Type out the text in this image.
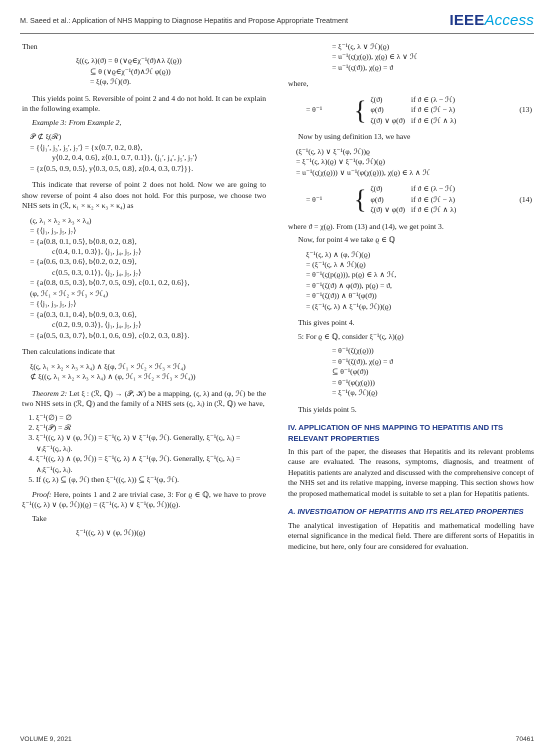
M. Saeed et al.: Application of NHS Mapping to Diagnose Hepatitis and Propose Appropriate Treatment	IEEEAccess

Then

ξ((ς, λ)(ϑ) = θ (∨ϱ∈χ⁻¹(ϑ)∧λ ζ(ϱ))
⊆ θ (∨ϱ∈χ⁻¹(ϑ)∧ℋ φ(ϱ))
= ξ(φ, ℋ)(ϑ).

This yields point 5. Reversible of point 2 and 4 do not hold. It can be explain in the following example.

Example 3: From Example 2,

𝒫 ⊄ ξ(ℛ)
= {⟨j₁′, j₃′, j₅′, j₇′⟩ = {x⟨0.7, 0.2, 0.8⟩,
y⟨0.2, 0.4, 0.6⟩, z⟨0.1, 0.7, 0.1⟩}, ⟨j₁′, j₄′, j₅′, j₇′⟩
= {z⟨0.5, 0.9, 0.5⟩, y⟨0.3, 0.5, 0.8⟩, z⟨0.4, 0.3, 0.7⟩}}.

This indicate that reverse of point 2 does not hold. Now we are going to show reverse of point 4 also does not hold. For this purpose, we choose two NHS sets in (ℛ, κ₁ × κ₂ × κ₃ × κ₄) as

(ς, λ₁ × λ₂ × λ₃ × λ₄)
= {⟨j₁, j₃, j₅, j₇⟩
= {a⟨0.8, 0.1, 0.5⟩, b⟨0.8, 0.2, 0.8⟩,
c⟨0.4, 0.1, 0.3⟩}, ⟨j₁, j₄, j₅, j₇⟩
= {a⟨0.6, 0.3, 0.6⟩, b⟨0.2, 0.2, 0.9⟩,
c⟨0.5, 0.3, 0.1⟩}, ⟨j₂, j₄, j₅, j₇⟩
= {a⟨0.8, 0.5, 0.3⟩, b⟨0.7, 0.5, 0.9⟩, c⟨0.1, 0.2, 0.6⟩},
(φ, ℋ₁ × ℋ₂ × ℋ₃ × ℋ₄)
= {⟨j₁, j₃, j₅, j₇⟩
= {a⟨0.3, 0.1, 0.4⟩, b⟨0.9, 0.3, 0.6⟩,
c⟨0.2, 0.9, 0.3⟩}, ⟨j₁, j₄, j₅, j₇⟩
= {a⟨0.5, 0.3, 0.7⟩, b⟨0.1, 0.6, 0.9⟩, c⟨0.2, 0.3, 0.8⟩}.

Then calculations indicate that

ξ(ς, λ₁ × λ₂ × λ₃ × λ₄) ∧ ξ(φ, ℋ₁ × ℋ₂ × ℋ₃ × ℋ₄)
⊄ ξ((ς, λ₁ × λ₂ × λ₃ × λ₄) ∧ (φ, ℋ₁ × ℋ₂ × ℋ₃ × ℋ₄))

Theorem 2: Let ξ : (ℛ, ℚ) → (𝒫, 𝒦) be a mapping, (ς, λ) and (φ, ℋ) be the two NHS sets in (ℛ, ℚ) and the family of a NHS sets (ςᵢ, λᵢ) in (ℛ, ℚ) we have,

1. ξ⁻¹(∅) = ∅
2. ξ⁻¹(𝒫) = ℛ
3. ξ⁻¹((ς, λ) ∨ (φ, ℋ)) = ξ⁻¹(ς, λ) ∨ ξ⁻¹(φ, ℋ). Generally, ξ⁻¹(ςᵢ, λᵢ) = ∨ᵢξ⁻¹(ςᵢ, λᵢ).
4. ξ⁻¹((ς, λ) ∧ (φ, ℋ)) = ξ⁻¹(ς, λ) ∧ ξ⁻¹(φ, ℋ). Generally, ξ⁻¹(ςᵢ, λᵢ) = ∧ᵢξ⁻¹(ςᵢ, λᵢ).
5. If (ς, λ) ⊆ (φ, ℋ) then ξ⁻¹((ς, λ)) ⊆ ξ⁻¹(φ, ℋ).

Proof: Here, points 1 and 2 are trivial case, 3: For ϱ ∈ ℚ, we have to prove ξ⁻¹((ς, λ) ∨ (φ, ℋ))(ϱ) = (ξ⁻¹(ς, λ) ∨ ξ⁻¹(φ, ℋ))(ϱ).

Take

ξ⁻¹((ς, λ) ∨ (φ, ℋ))(ϱ)
= ξ⁻¹(ς, λ ∨ ℋ)(ϱ)
= u⁻¹(ς(χ(ϱ)), χ(ϱ) ∈ λ ∨ ℋ
= u⁻¹(ς(ϑ)), χ(ϱ) = ϑ

where,

= θ⁻¹	{ ζ(ϑ)	if ϑ ∈ (λ − ℋ)
φ(ϑ)	if ϑ ∈ (ℋ − λ)
ζ(ϑ) ∨ φ(ϑ)	if ϑ ∈ (ℋ ∧ λ)
(13)

Now by using definition 13, we have

(ξ⁻¹(ς, λ) ∨ ξ⁻¹(φ, ℋ))ϱ
= ξ⁻¹(ς, λ)(ϱ) ∨ ξ⁻¹(φ, ℋ)(ϱ)
= u⁻¹(ς(χ(ϱ))) ∨ u⁻¹(φ(χ(ϱ))), χ(ϱ) ∈ λ ∧ ℋ
= θ⁻¹	{ ζ(ϑ)	if ϑ ∈ (λ − ℋ)
φ(ϑ)	if ϑ ∈ (ℋ − λ)
ζ(ϑ) ∨ φ(ϑ)	if ϑ ∈ (ℋ ∧ λ)
(14)

where ϑ = χ(ϱ). From (13) and (14), we get point 3.

Now, for point 4 we take ϱ ∈ ℚ

ξ⁻¹(ς, λ) ∧ (φ, ℋ)(ϱ)
= (ξ⁻¹(ς, λ ∧ ℋ)(ϱ)
= θ⁻¹(ς(p(ϱ))), p(ϱ) ∈ λ ∧ ℋ,
= θ⁻¹(ζ(ϑ) ∧ φ(ϑ)), p(ϱ) = ϑ,
= θ⁻¹(ζ(ϑ)) ∧ θ⁻¹(φ(ϑ))
= (ξ⁻¹(ς, λ) ∧ ξ⁻¹(φ, ℋ))(ϱ)

This gives point 4.

5: For ϱ ∈ ℚ, consider ξ⁻¹(ς, λ)(ϱ)

= θ⁻¹(ζ(χ(ϱ)))
= θ⁻¹(ζ(ϑ)), χ(ϱ) = ϑ
⊆ θ⁻¹(φ(ϑ))
= θ⁻¹(φ(χ(ϱ)))
= ξ⁻¹(φ, ℋ)(ϱ)

This yields point 5.

IV. APPLICATION OF NHS MAPPING TO HEPATITIS AND ITS RELEVANT PROPERTIES

In this part of the paper, the diseases that Hepatitis and its relevant problems cause are evaluated. The reasons, symptoms, diagnosis, and treatment of Hepatitis patients are analyzed and discussed with the comprehensive concept of the NHS set and its relative mapping, inverse mapping. This section shows how the proposed mathematical model is suitable to set a plan for Hepatitis patients.

A. INVESTIGATION OF HEPATITIS AND ITS RELATED PROPERTIES

The analytical investigation of Hepatitis and mathematical modelling have eternal significance in the medical field. There are different sorts of Hepatitis in medicine, but here, only four are considered for evaluation.

VOLUME 9, 2021	70461
